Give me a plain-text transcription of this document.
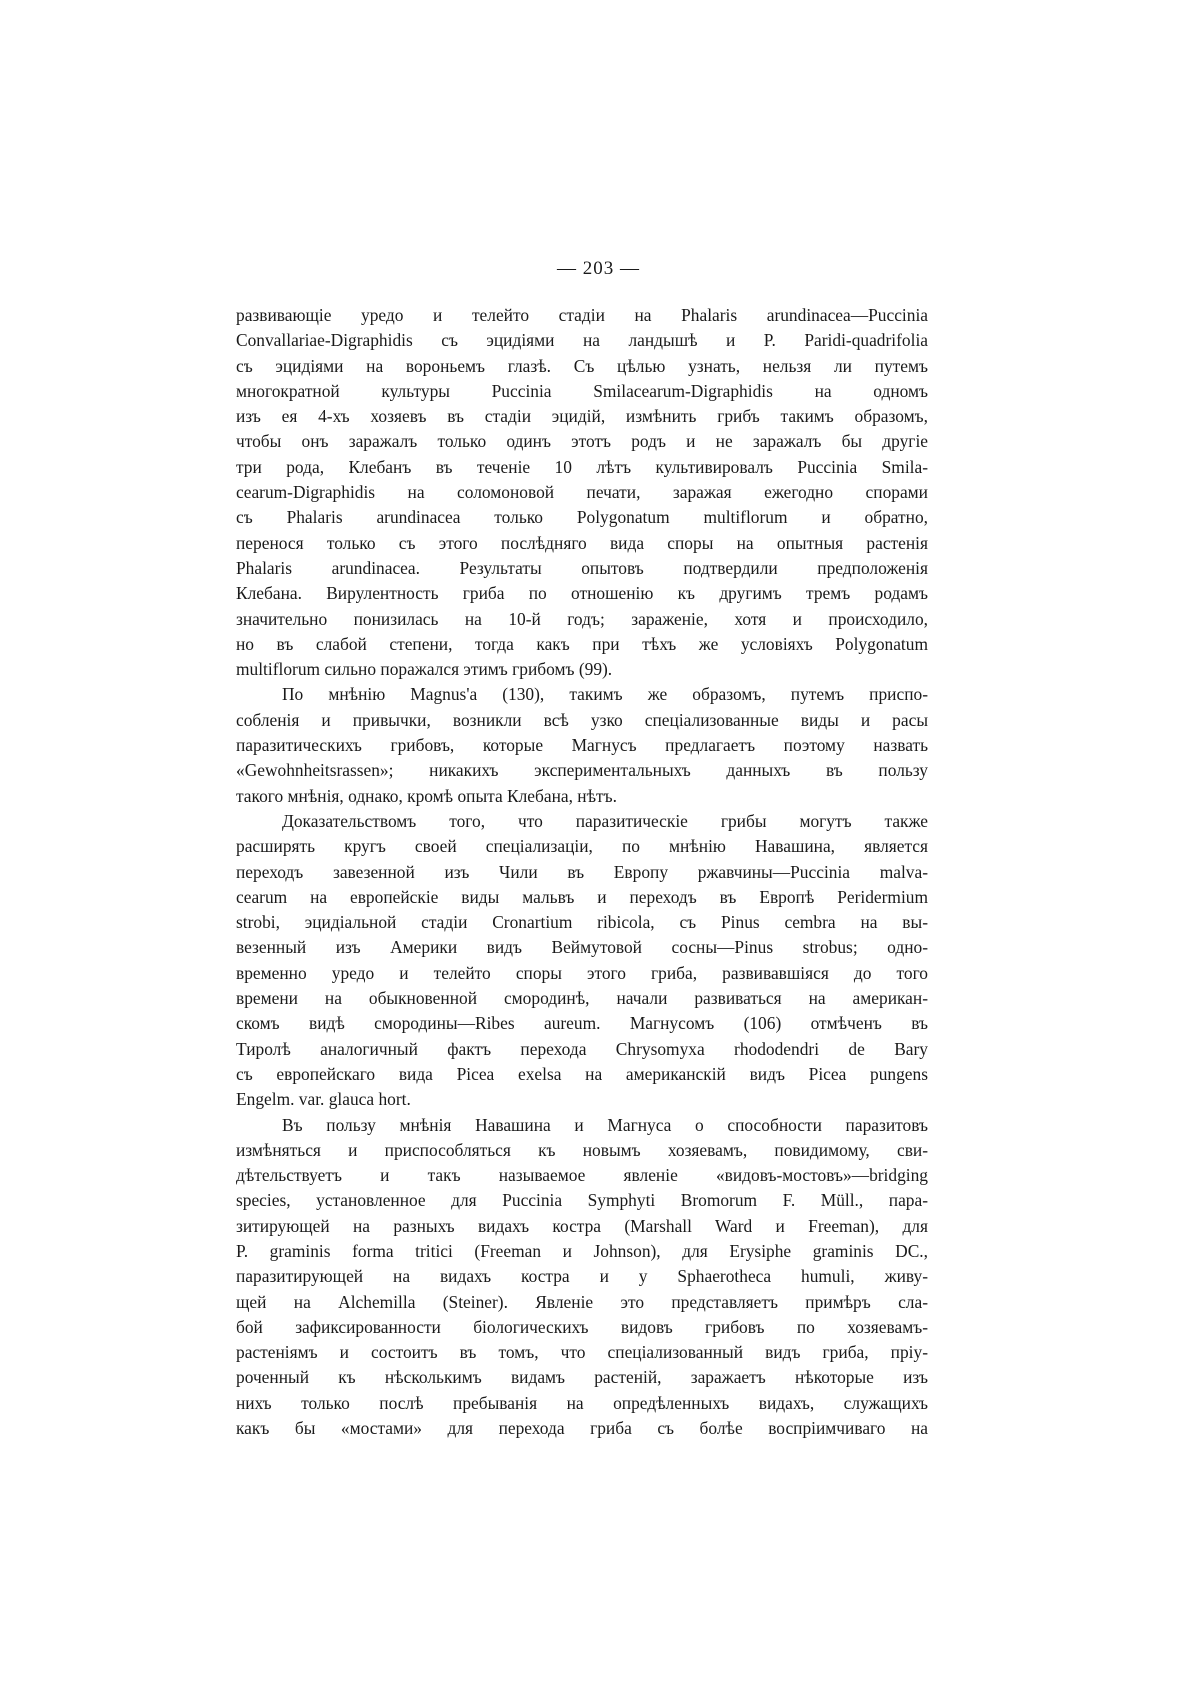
— 203 —
развивающіе уредо и телейто стадіи на Phalaris arundinacea—Puccinia
Convallariae-Digraphidis съ эцидіями на ландышѣ и P. Paridi-quadrifolia
съ эцидіями на вороньемъ глазѣ. Съ цѣлью узнать, нельзя ли путемъ
многократной культуры Puccinia Smilacearum-Digraphidis на одномъ
изъ ея 4-хъ хозяевъ въ стадіи эцидій, измѣнить грибъ такимъ образомъ,
чтобы онъ заражалъ только одинъ этотъ родъ и не заражалъ бы другіе
три рода, Клебанъ въ теченіе 10 лѣтъ культивировалъ Puccinia Smila-
cearum-Digraphidis на соломоновой печати, заражая ежегодно спорами
съ Phalaris arundinacea только Polygonatum multiflorum и обратно,
перенося только съ этого послѣдняго вида споры на опытныя растенія
Phalaris arundinacea. Результаты опытовъ подтвердили предположенія
Клебана. Вирулентность гриба по отношенію къ другимъ тремъ родамъ
значительно понизилась на 10-й годъ; зараженіе, хотя и происходило,
но въ слабой степени, тогда какъ при тѣхъ же условіяхъ Polygonatum
multiflorum сильно поражался этимъ грибомъ (99).
По мнѣнію Magnus'а (130), такимъ же образомъ, путемъ приспо-
собленія и привычки, возникли всѣ узко спеціализованные виды и расы
паразитическихъ грибовъ, которые Магнусъ предлагаетъ поэтому назвать
«Gewohnheitsrassen»; никакихъ экспериментальныхъ данныхъ въ пользу
такого мнѣнія, однако, кромѣ опыта Клебана, нѣтъ.
Доказательствомъ того, что паразитическіе грибы могутъ также
расширять кругъ своей спеціализаціи, по мнѣнію Навашина, является
переходъ завезенной изъ Чили въ Европу ржавчины—Puccinia malva-
cearum на европейскіе виды мальвъ и переходъ въ Европѣ Peridermium
strobi, эцидіальной стадіи Cronartium ribicola, съ Pinus cembra на вы-
везенный изъ Америки видъ Веймутовой сосны—Pinus strobus; одно-
временно уредо и телейто споры этого гриба, развивавшіяся до того
времени на обыкновенной смородинѣ, начали развиваться на американ-
скомъ видѣ смородины—Ribes aureum. Магнусомъ (106) отмѣченъ въ
Тиролѣ аналогичный фактъ перехода Chrysomyxa rhododendri de Bary
съ европейскаго вида Picea exelsa на американскій видъ Picea pungens
Engelm. var. glauca hort.
Въ пользу мнѣнія Навашина и Магнуса о способности паразитовъ
измѣняться и приспособляться къ новымъ хозяевамъ, повидимому, сви-
дѣтельствуетъ и такъ называемое явленіе «видовъ-мостовъ»—bridging
species, установленное для Puccinia Symphyti Bromorum F. Müll., пара-
зитирующей на разныхъ видахъ костра (Marshall Ward и Freeman), для
P. graminis forma tritici (Freeman и Johnson), для Erysiphe graminis DC.,
паразитирующей на видахъ костра и у Sphaerotheca humuli, живу-
щей на Alchemilla (Steiner). Явленіе это представляетъ примѣръ сла-
бой зафиксированности біологическихъ видовъ грибовъ по хозяевамъ-
растеніямъ и состоитъ въ томъ, что спеціализованный видъ гриба, пріу-
роченный къ нѣсколькимъ видамъ растеній, заражаетъ нѣкоторые изъ
нихъ только послѣ пребыванія на опредѣленныхъ видахъ, служащихъ
какъ бы «мостами» для перехода гриба съ болѣе воспріимчиваго на
